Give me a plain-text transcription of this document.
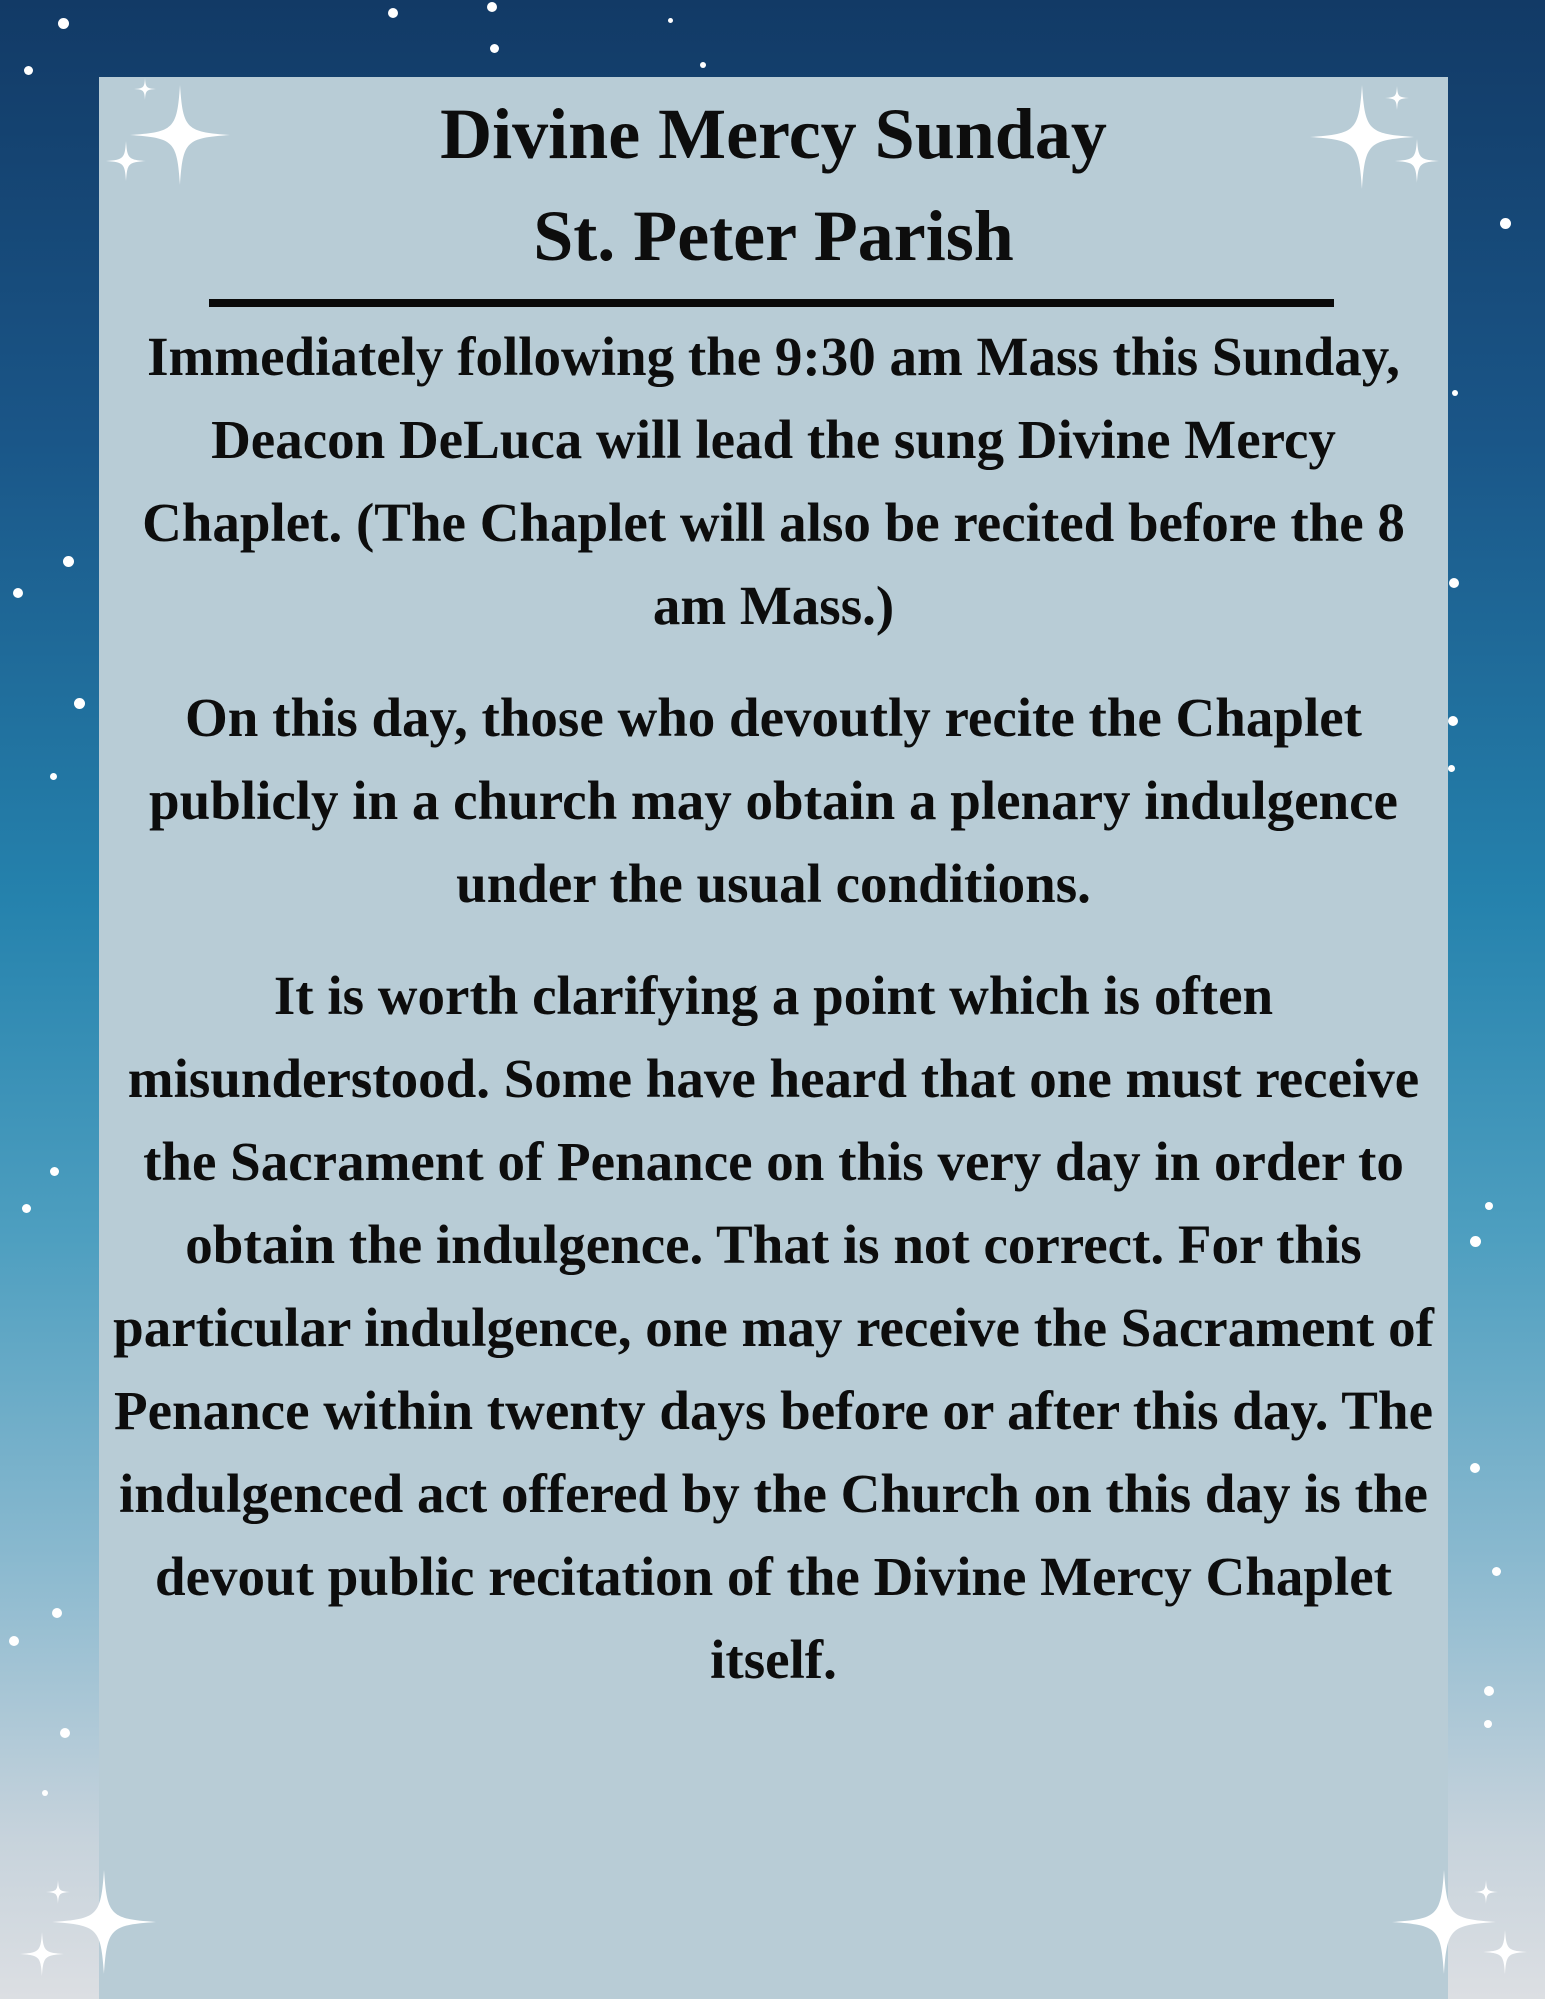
Divine Mercy Sunday
St. Peter Parish

Immediately following the 9:30 am Mass this Sunday, Deacon DeLuca will lead the sung Divine Mercy Chaplet. (The Chaplet will also be recited before the 8 am Mass.)

On this day, those who devoutly recite the Chaplet publicly in a church may obtain a plenary indulgence under the usual conditions.

It is worth clarifying a point which is often misunderstood. Some have heard that one must receive the Sacrament of Penance on this very day in order to obtain the indulgence. That is not correct. For this particular indulgence, one may receive the Sacrament of Penance within twenty days before or after this day. The indulgenced act offered by the Church on this day is the devout public recitation of the Divine Mercy Chaplet itself.
